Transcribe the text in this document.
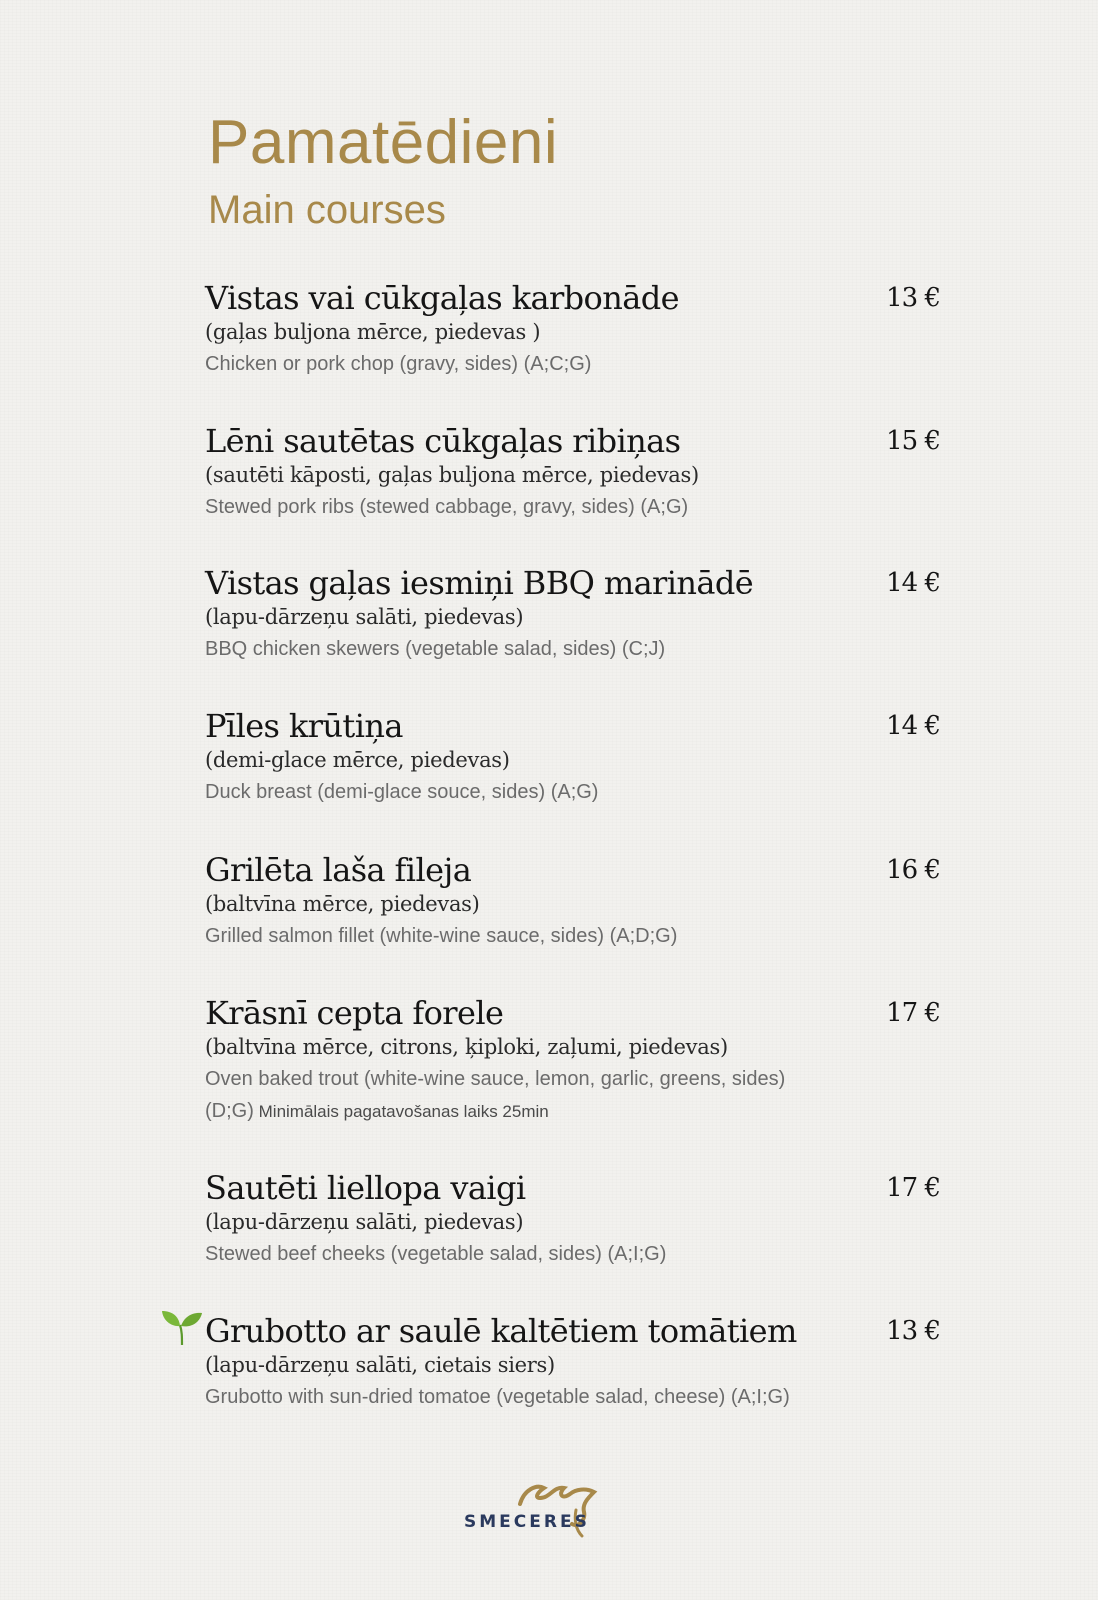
Pamatēdieni
Main courses
Vistas vai cūkgaļas karbonāde	13 €
(gaļas buljona mērce, piedevas )
Chicken or pork chop (gravy, sides) (A;C;G)
Lēni sautētas cūkgaļas ribiņas	15 €
(sautēti kāposti, gaļas buljona mērce, piedevas)
Stewed pork ribs (stewed cabbage, gravy, sides) (A;G)
Vistas gaļas iesmiņi BBQ marinādē	14 €
(lapu-dārzeņu salāti, piedevas)
BBQ chicken skewers (vegetable salad, sides) (C;J)
Pīles krūtiņa	14 €
(demi-glace mērce, piedevas)
Duck breast (demi-glace souce, sides) (A;G)
Grilēta laša fileja	16 €
(baltvīna mērce, piedevas)
Grilled salmon fillet (white-wine sauce, sides) (A;D;G)
Krāsnī cepta forele	17 €
(baltvīna mērce, citrons, ķiploki, zaļumi, piedevas)
Oven baked trout (white-wine sauce, lemon, garlic, greens, sides)
(D;G) Minimālais pagatavošanas laiks 25min
Sautēti liellopa vaigi	17 €
(lapu-dārzeņu salāti, piedevas)
Stewed beef cheeks (vegetable salad, sides) (A;I;G)
Grubotto ar saulē kaltētiem tomātiem	13 €
(lapu-dārzeņu salāti, cietais siers)
Grubotto with sun-dried tomatoe (vegetable salad, cheese) (A;I;G)
SMECERES
